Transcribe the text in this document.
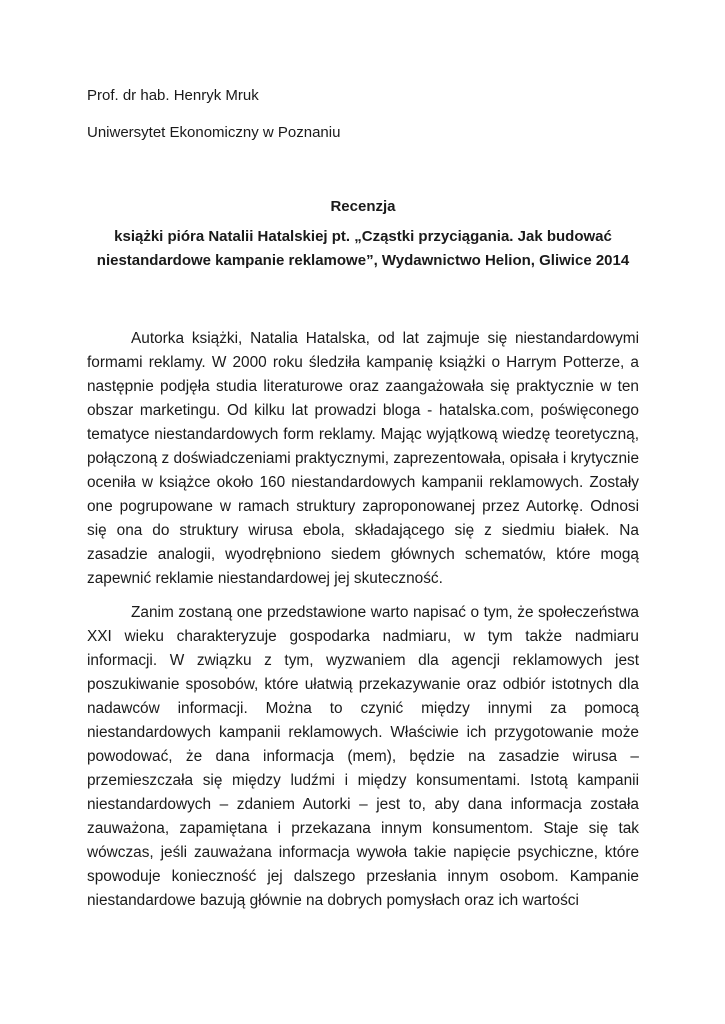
Prof. dr hab. Henryk Mruk

Uniwersytet Ekonomiczny w Poznaniu

Recenzja
książki pióra Natalii Hatalskiej pt. „Cząstki przyciągania. Jak budować niestandardowe kampanie reklamowe”, Wydawnictwo Helion, Gliwice 2014

Autorka książki, Natalia Hatalska, od lat zajmuje się niestandardowymi formami reklamy. W 2000 roku śledziła kampanię książki o Harrym Potterze, a następnie podjęła studia literaturowe oraz zaangażowała się praktycznie w ten obszar marketingu. Od kilku lat prowadzi bloga - hatalska.com, poświęconego tematyce niestandardowych form reklamy. Mając wyjątkową wiedzę teoretyczną, połączoną z doświadczeniami praktycznymi, zaprezentowała, opisała i krytycznie oceniła w książce około 160 niestandardowych kampanii reklamowych. Zostały one pogrupowane w ramach struktury zaproponowanej przez Autorkę. Odnosi się ona do struktury wirusa ebola, składającego się z siedmiu białek. Na zasadzie analogii, wyodrębniono siedem głównych schematów, które mogą zapewnić reklamie niestandardowej jej skuteczność.

Zanim zostaną one przedstawione warto napisać o tym, że społeczeństwa XXI wieku charakteryzuje gospodarka nadmiaru, w tym także nadmiaru informacji. W związku z tym, wyzwaniem dla agencji reklamowych jest poszukiwanie sposobów, które ułatwią przekazywanie oraz odbiór istotnych dla nadawców informacji. Można to czynić między innymi za pomocą niestandardowych kampanii reklamowych. Właściwie ich przygotowanie może powodować, że dana informacja (mem), będzie na zasadzie wirusa – przemieszczała się między ludźmi i między konsumentami. Istotą kampanii niestandardowych – zdaniem Autorki – jest to, aby dana informacja została zauważona, zapamiętana i przekazana innym konsumentom. Staje się tak wówczas, jeśli zauważana informacja wywoła takie napięcie psychiczne, które spowoduje konieczność jej dalszego przesłania innym osobom. Kampanie niestandardowe bazują głównie na dobrych pomysłach oraz ich wartości
